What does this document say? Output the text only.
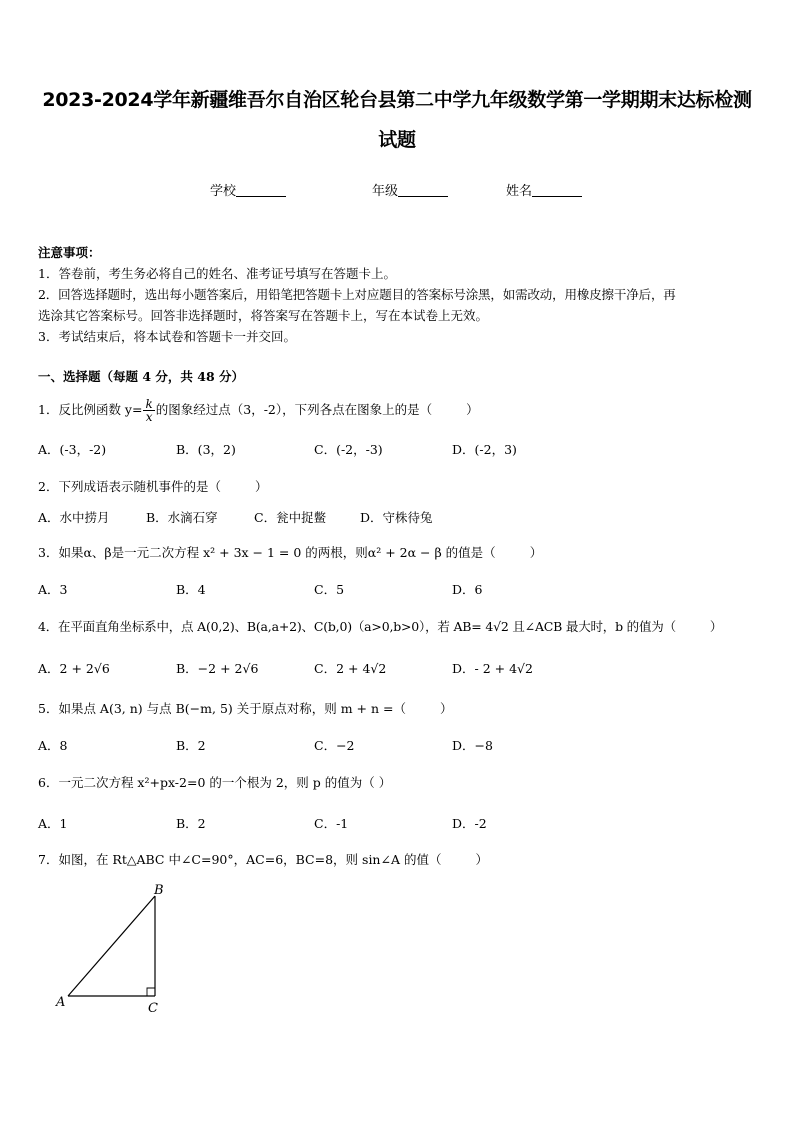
2023-2024学年新疆维吾尔自治区轮台县第二中学九年级数学第一学期期末达标检测
试题
学校	年级	姓名
注意事项：
1．答卷前，考生务必将自己的姓名、准考证号填写在答题卡上。
2．回答选择题时，选出每小题答案后，用铅笔把答题卡上对应题目的答案标号涂黑，如需改动，用橡皮擦干净后，再
选涂其它答案标号。回答非选择题时，将答案写在答题卡上，写在本试卷上无效。
3．考试结束后，将本试卷和答题卡一并交回。
一、选择题（每题 4 分，共 48 分）
1．反比例函数 $y= \frac{k}{x}$ 的图象经过点（3，-2），下列各点在图象上的是（	）
A．(-3，-2)	B．(3，2)	C．(-2，-3)	D．(-2，3)
2．下列成语表示随机事件的是（	）
A．水中捞月	B．水滴石穿	C．瓮中捉鳖	D．守株待兔
3．如果α、β是一元二次方程 x² + 3x − 1 = 0 的两根，则α² + 2α − β 的值是（	）
A．3	B．4	C．5	D．6
4．在平面直角坐标系中，点 A(0,2)、B(a,a+2)、C(b,0)（a>0,b>0），若 AB= 4√2 且∠ACB 最大时，b 的值为（	）
A．2 + 2√6	B．−2 + 2√6	C．2 + 4√2	D．- 2 + 4√2
5．如果点 A(3, n) 与点 B(−m, 5) 关于原点对称，则 m + n =（	）
A．8	B．2	C．−2	D．−8
6．一元二次方程 x²+px-2=0 的一个根为 2，则 p 的值为（ ）
A．1	B．2	C．-1	D．-2
7．如图，在 Rt△ABC 中∠C=90°，AC=6，BC=8，则 sin∠A 的值（	）
A
B
C
